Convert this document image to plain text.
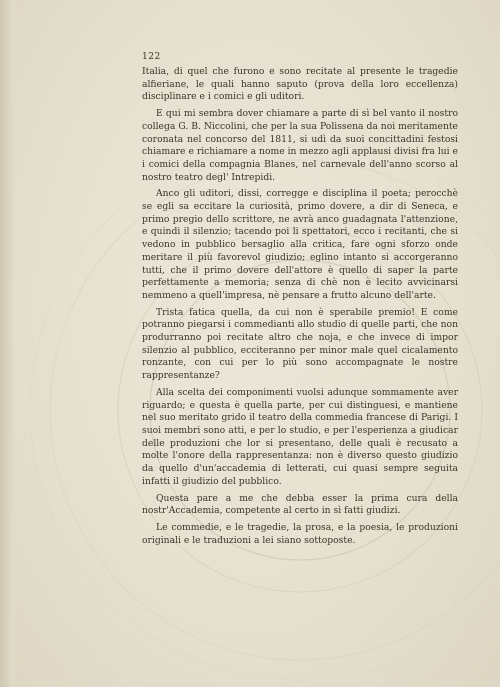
122

Italia, di quel che furono e sono recitate al presente le tragedie alfieriane, le quali hanno saputo (prova della loro eccellenza) disciplinare e i comici e gli uditori.

E qui mi sembra dover chiamare a parte di sì bel vanto il nostro collega G. B. Niccolini, che per la sua Polissena da noi meritamente coronata nel concorso del 1811, si udì da suoi concittadini festosi chiamare e richiamare a nome in mezzo agli applausi divisi fra lui e i comici della compagnia Blanes, nel carnevale dell'anno scorso al nostro teatro degl' Intrepidi.

Anco gli uditori, dissi, corregge e disciplina il poeta; perocchè se egli sa eccitare la curiosità, primo dovere, a dir di Seneca, e primo pregio dello scrittore, ne avrà anco guadagnata l'attenzione, e quindi il silenzio; tacendo poi li spettatori, ecco i recitanti, che si vedono in pubblico bersaglio alla critica, fare ogni sforzo onde meritare il più favorevol giudizio; eglino intanto si accorgeranno tutti, che il primo dovere dell'attore è quello di saper la parte perfettamente a memoria; senza di chè non è lecito avvicinarsi nemmeno a quell'impresa, nè pensare a frutto alcuno dell'arte.

Trista fatica quella, da cui non è sperabile premio! E come potranno piegarsi i commedianti allo studio di quelle parti, che non produrranno poi recitate altro che noja, e che invece di impor silenzio al pubblico, ecciteranno per minor male quel cicalamento ronzante, con cui per lo più sono accompagnate le nostre rappresentanze?

Alla scelta dei componimenti vuolsi adunque sommamente aver riguardo; e questa è quella parte, per cui distinguesi, e mantiene nel suo meritato grido il teatro della commedia francese di Parigi. I suoi membri sono atti, e per lo studio, e per l'esperienza a giudicar delle produzioni che lor si presentano, delle quali è recusato a molte l'onore della rappresentanza: non è diverso questo giudizio da quello d'un'accademia di letterati, cui quasi sempre seguita infatti il giudizio del pubblico.

Questa pare a me che debba esser la prima cura della nostr'Accademia, competente al certo in sì fatti giudizi.

Le commedie, e le tragedie, la prosa, e la poesia, le produzioni originali e le traduzioni a lei siano sottoposte.
